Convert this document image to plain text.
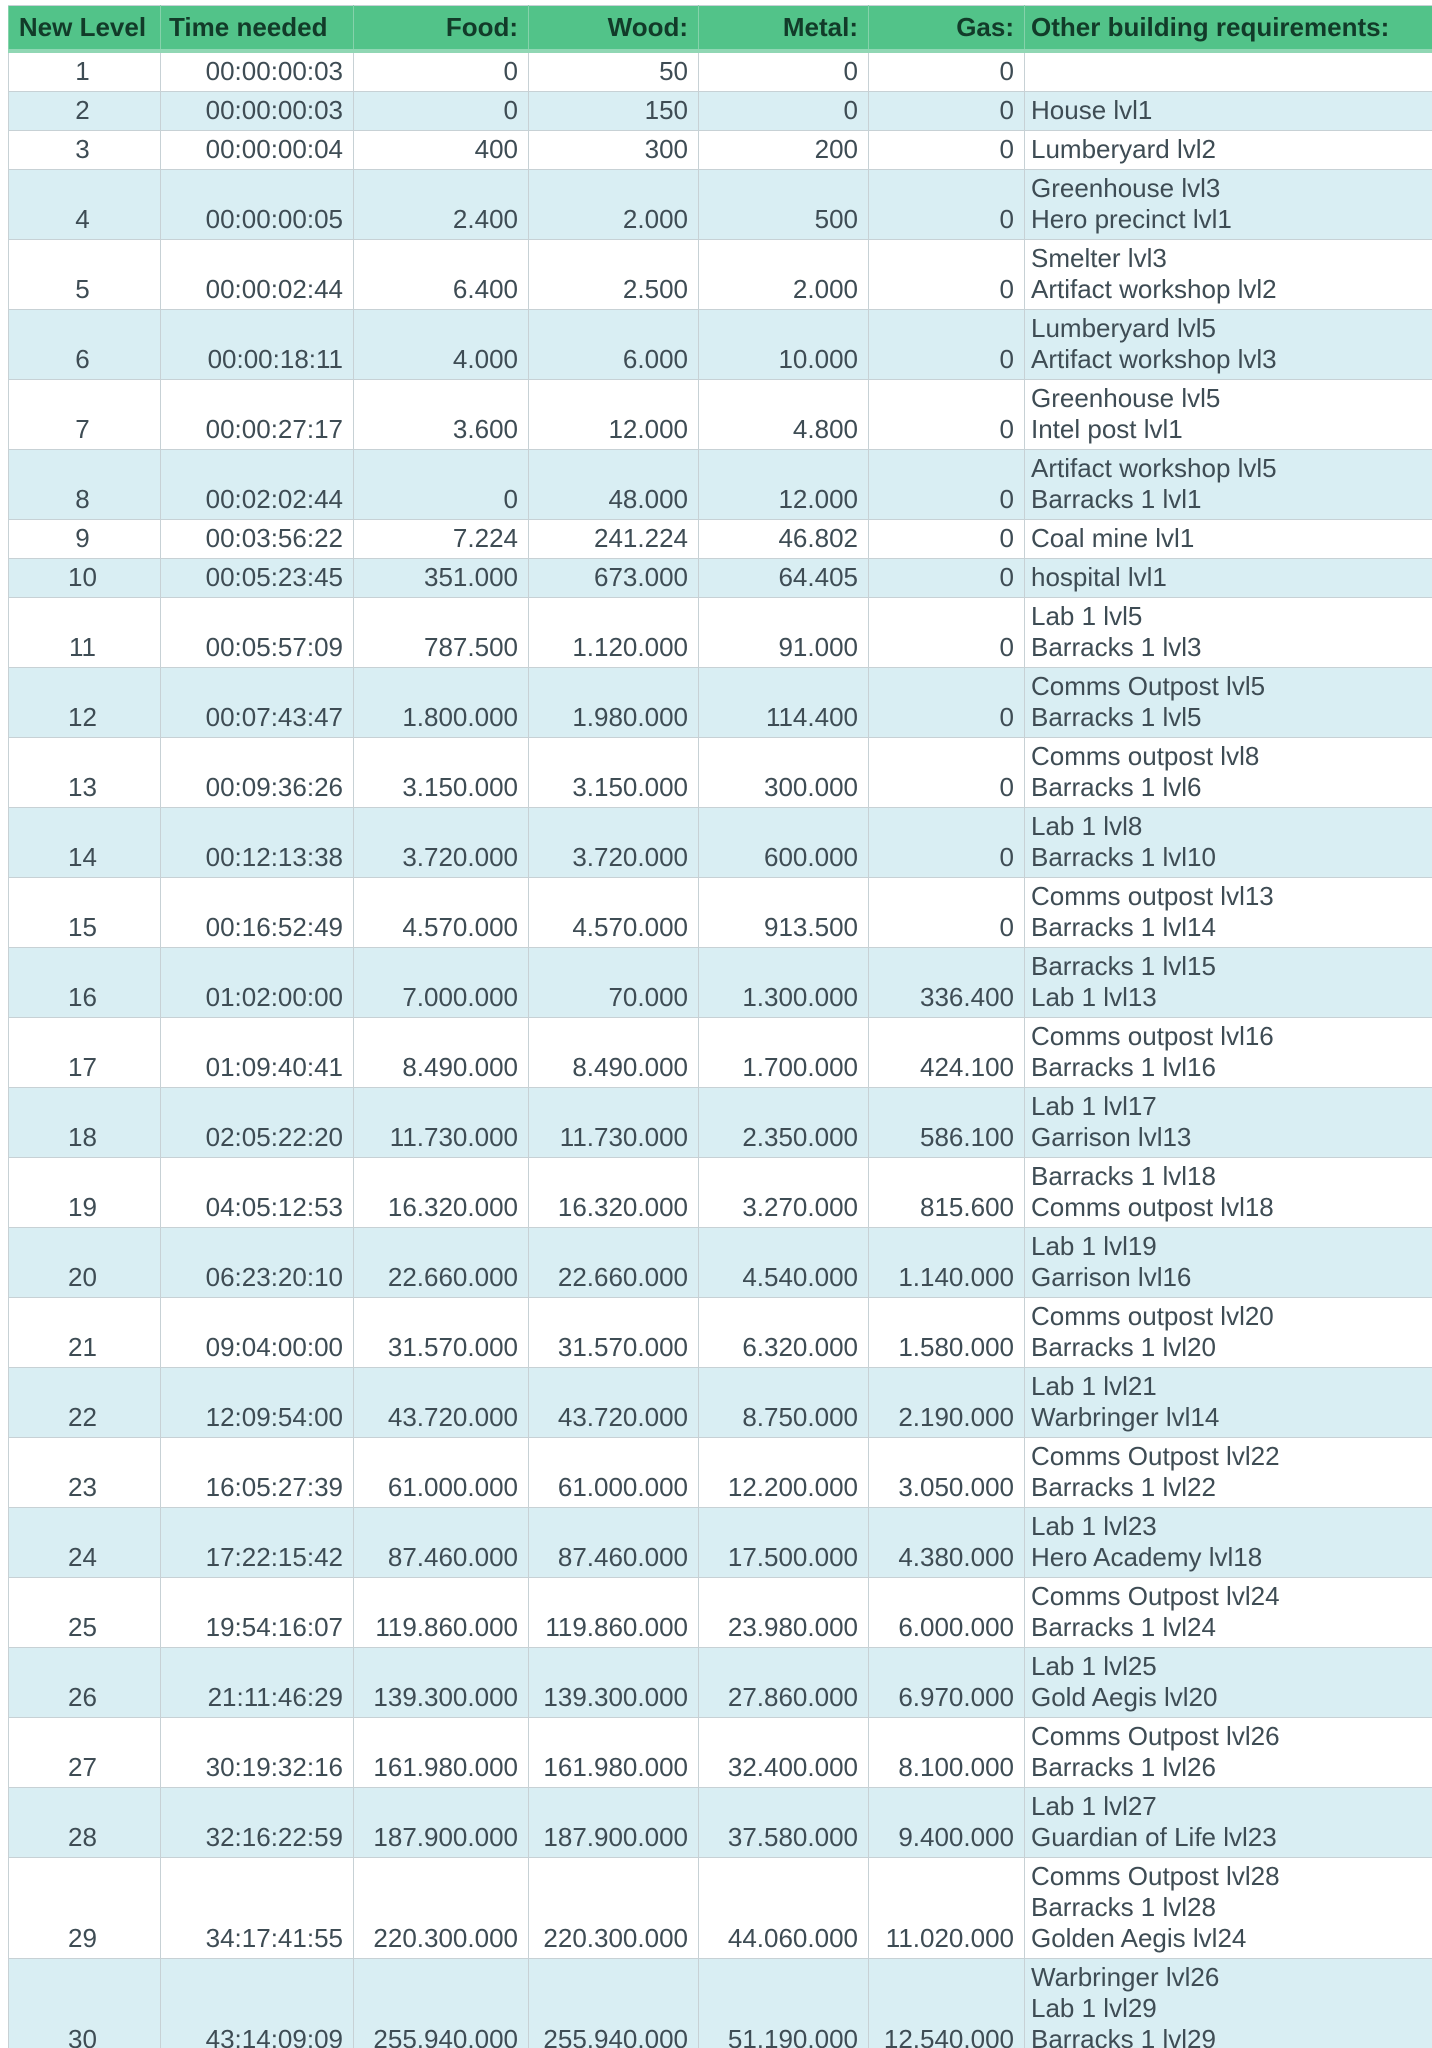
New Level	Time needed	Food:	Wood:	Metal:	Gas:	Other building requirements:
1	00:00:00:03	0	50	0	0	
2	00:00:00:03	0	150	0	0	House lvl1

3	00:00:00:04	400	300	200	0	Lumberyard lvl2

4	00:00:00:05	2.400	2.000	500	0	Greenhouse lvl3
Hero precinct lvl1

5	00:00:02:44	6.400	2.500	2.000	0	Smelter lvl3
Artifact workshop lvl2

6	00:00:18:11	4.000	6.000	10.000	0	Lumberyard lvl5
Artifact workshop lvl3

7	00:00:27:17	3.600	12.000	4.800	0	Greenhouse lvl5
Intel post lvl1

8	00:02:02:44	0	48.000	12.000	0	Artifact workshop lvl5
Barracks 1 lvl1

9	00:03:56:22	7.224	241.224	46.802	0	Coal mine lvl1

10	00:05:23:45	351.000	673.000	64.405	0	hospital lvl1

11	00:05:57:09	787.500	1.120.000	91.000	0	Lab 1 lvl5
Barracks 1 lvl3

12	00:07:43:47	1.800.000	1.980.000	114.400	0	Comms Outpost lvl5
Barracks 1 lvl5

13	00:09:36:26	3.150.000	3.150.000	300.000	0	Comms outpost lvl8
Barracks 1 lvl6

14	00:12:13:38	3.720.000	3.720.000	600.000	0	Lab 1 lvl8
Barracks 1 lvl10

15	00:16:52:49	4.570.000	4.570.000	913.500	0	Comms outpost lvl13
Barracks 1 lvl14

16	01:02:00:00	7.000.000	70.000	1.300.000	336.400	Barracks 1 lvl15
Lab 1 lvl13

17	01:09:40:41	8.490.000	8.490.000	1.700.000	424.100	Comms outpost lvl16
Barracks 1 lvl16

18	02:05:22:20	11.730.000	11.730.000	2.350.000	586.100	Lab 1 lvl17
Garrison lvl13

19	04:05:12:53	16.320.000	16.320.000	3.270.000	815.600	Barracks 1 lvl18
Comms outpost lvl18

20	06:23:20:10	22.660.000	22.660.000	4.540.000	1.140.000	Lab 1 lvl19
Garrison lvl16

21	09:04:00:00	31.570.000	31.570.000	6.320.000	1.580.000	Comms outpost lvl20
Barracks 1 lvl20

22	12:09:54:00	43.720.000	43.720.000	8.750.000	2.190.000	Lab 1 lvl21
Warbringer lvl14

23	16:05:27:39	61.000.000	61.000.000	12.200.000	3.050.000	Comms Outpost lvl22
Barracks 1 lvl22

24	17:22:15:42	87.460.000	87.460.000	17.500.000	4.380.000	Lab 1 lvl23
Hero Academy lvl18

25	19:54:16:07	119.860.000	119.860.000	23.980.000	6.000.000	Comms Outpost lvl24
Barracks 1 lvl24

26	21:11:46:29	139.300.000	139.300.000	27.860.000	6.970.000	Lab 1 lvl25
Gold Aegis lvl20

27	30:19:32:16	161.980.000	161.980.000	32.400.000	8.100.000	Comms Outpost lvl26
Barracks 1 lvl26

28	32:16:22:59	187.900.000	187.900.000	37.580.000	9.400.000	Lab 1 lvl27
Guardian of Life lvl23

29	34:17:41:55	220.300.000	220.300.000	44.060.000	11.020.000	Comms Outpost lvl28
Barracks 1 lvl28
Golden Aegis lvl24

30	43:14:09:09	255.940.000	255.940.000	51.190.000	12.540.000	Warbringer lvl26
Lab 1 lvl29
Barracks 1 lvl29
